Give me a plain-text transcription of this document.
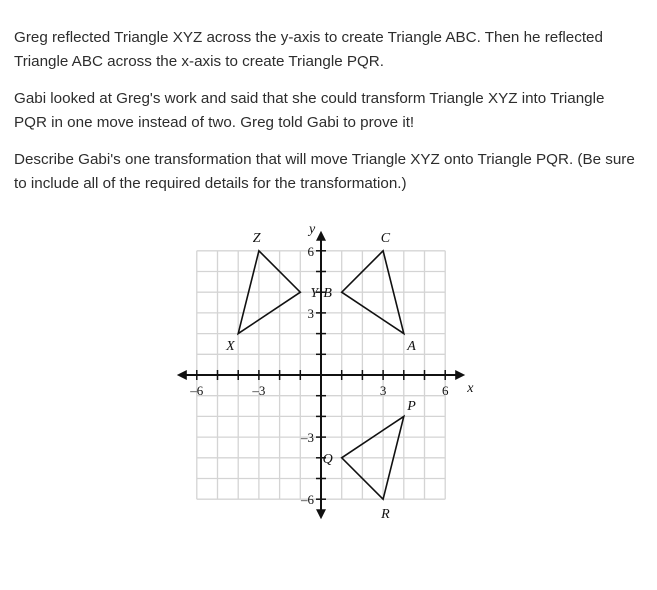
Greg reflected Triangle XYZ across the y-axis to create Triangle ABC. Then he reflected Triangle ABC across the x-axis to create Triangle PQR.

Gabi looked at Greg's work and said that she could transform Triangle XYZ into Triangle PQR in one move instead of two. Greg told Gabi to prove it!

Describe Gabi's one transformation that will move Triangle XYZ onto Triangle PQR. (Be sure to include all of the required details for the transformation.)

–6	–3	3	6
6
3
–3
–6
x
y
X
Y
Z
A
B
C
P
Q
R
